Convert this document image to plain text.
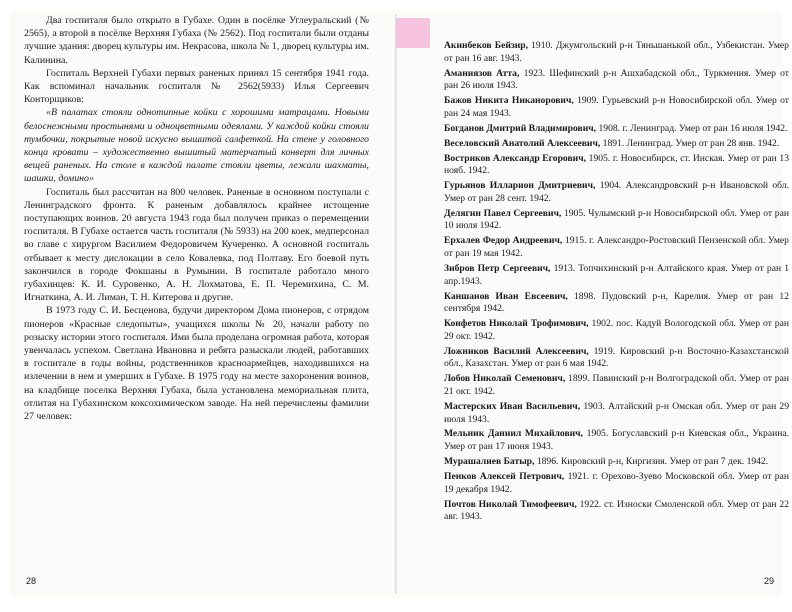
Два госпиталя было открыто в Губахе. Один в посёлке Углеуральский (№ 2565), а второй в посёлке Верхняя Губаха (№ 2562). Под госпитали были отданы лучшие здания: дворец культуры им. Некрасова, школа № 1, дворец культуры им. Калинина.

Госпиталь Верхней Губахи первых раненых принял 15 сентября 1941 года. Как вспоминал начальник госпиталя № 2562(5933) Илья Сергеевич Конторщиков:

«В палатах стояли однотипные койки с хорошими матрацами. Новыми белоснежными простынями и одноцветными одеялами. У каждой койки стояли тумбочки, покрытые новой искусно вышитой салфеткой. На стене у головного конца кровати – художественно вышитый матерчатый конверт для личных вещей раненых. На столе в каждой палате стояли цветы, лежали шахматы, шашки, домино»

Госпиталь был рассчитан на 800 человек. Раненые в основном поступали с Ленинградского фронта. К раненым добавлялось крайнее истощение поступающих воинов. 20 августа 1943 года был получен приказ о перемещении госпиталя. В Губахе остается часть госпиталя (№ 5933) на 200 коек, медперсонал во главе с хирургом Василием Федоровичем Кучеренко. А основной госпиталь отбывает к месту дислокации в село Ковалевка, под Полтаву. Его боевой путь закончился в городе Фокшаны в Румынии. В госпитале работало много губахинцев: К. И. Суровенко, А. Н. Лохматова, Е. П. Черемихина, С. М. Игнаткина, А. И. Лиман, Т. Н. Китерова и другие.

В 1973 году С. И. Бесценова, будучи директором Дома пионеров, с отрядом пионеров «Красные следопыты», учащихся школы № 20, начали работу по розыску истории этого госпиталя. Ими была проделана огромная работа, которая увенчалась успехом. Светлана Ивановна и ребята разыскали людей, работавших в госпитале в годы войны, родственников красноармейцев, находившихся на излечении в нем и умерших в Губахе. В 1975 году на месте захоронения воинов, на кладбище поселка Верхняя Губаха, была установлена мемориальная плита, отлитая на Губахинском коксохимическом заводе. На ней перечислены фамилии 27 человек:

28	29
Акинбеков Бейзир, 1910. Джумгольский р-н Тяньшанькой обл., Узбекистан. Умер от ран 16 авг. 1943.
Аманиязов Атта, 1923. Шефинский р-н Ашхабадской обл., Туркмения. Умер от ран 26 июля 1943.
Бажов Никита Никанорович, 1909. Гурьевский р-н Новосибирской обл. Умер от ран 24 мая 1943.
Богданов Дмитрий Владимирович, 1908. г. Ленинград. Умер от ран 16 июля 1942.
Веселовский Анатолий Алексеевич, 1891. Ленинград. Умер от ран 28 янв. 1942.
Востриков Александр Егорович, 1905. г. Новосибирск, ст. Инская. Умер от ран 13 нояб. 1942.
Гурьянов Илларион Дмитриевич, 1904. Александровский р-н Ивановской обл. Умер от ран 28 сент. 1942.
Делягин Павел Сергеевич, 1905. Чулымский р-н Новосибирской обл. Умер от ран 10 июля 1942.
Ерхалев Федор Андреевич, 1915. г. Александро-Ростовский Пензенской обл. Умер от ран 19 мая 1942.
Зибров Петр Сергеевич, 1913. Топчихинский р-н Алтайского края. Умер от ран 1 апр.1943.
Каншанов Иван Евсеевич, 1898. Пудовский р-н, Карелия. Умер от ран 12 сентября 1942.
Конфетов Николай Трофимович, 1902. пос. Кадуй Вологодской обл. Умер от ран 29 окт. 1942.
Ложников Василий Алексеевич, 1919. Кировский р-н Восточно-Казахстанской обл., Казахстан. Умер от ран 6 мая 1942.
Лобов Николай Семенович, 1899. Павинский р-н Волгоградской обл. Умер от ран 21 окт. 1942.
Мастерских Иван Васильевич, 1903. Алтайский р-н Омская обл. Умер от ран 29 июля 1943.
Мельник Даниил Михайлович, 1905. Богуславский р-н Киевская обл., Украина. Умер от ран 17 июня 1943.
Мурашалиев Батыр, 1896. Кировский р-н, Киргизия. Умер от ран 7 дек. 1942.
Пенков Алексей Петрович, 1921. г. Орехово-Зуево Московской обл. Умер от ран 19 декабря 1942.
Почтов Николай Тимофеевич, 1922. ст. Износки Смоленской обл. Умер от ран 22 авг. 1943.
